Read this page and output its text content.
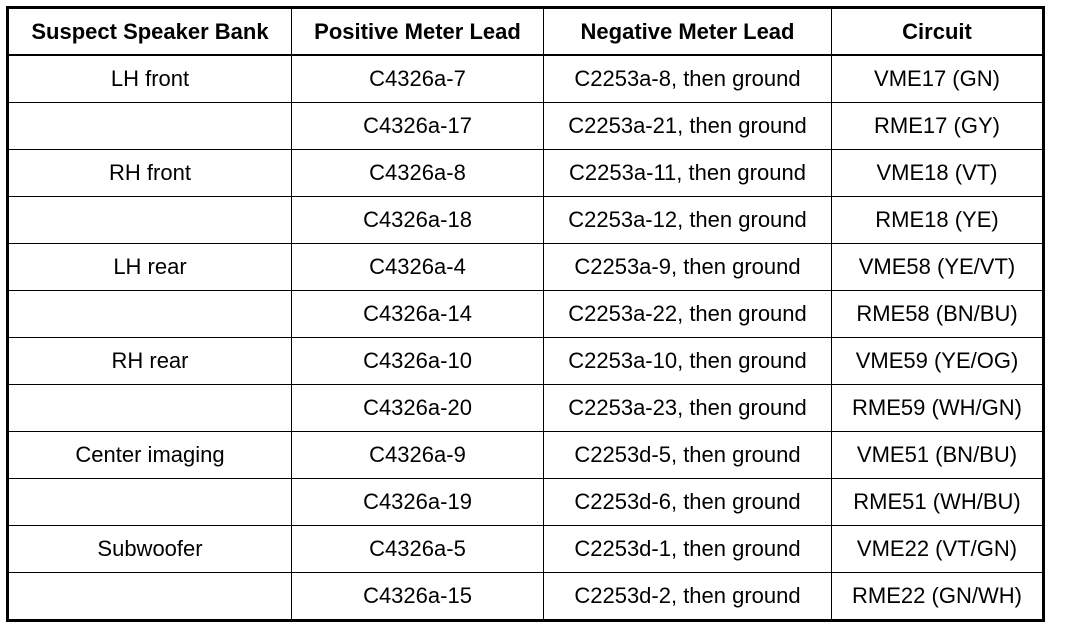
Suspect Speaker Bank	Positive Meter Lead	Negative Meter Lead	Circuit
LH front	C4326a-7	C2253a-8, then ground	VME17 (GN)
	C4326a-17	C2253a-21, then ground	RME17 (GY)
RH front	C4326a-8	C2253a-11, then ground	VME18 (VT)
	C4326a-18	C2253a-12, then ground	RME18 (YE)
LH rear	C4326a-4	C2253a-9, then ground	VME58 (YE/VT)
	C4326a-14	C2253a-22, then ground	RME58 (BN/BU)
RH rear	C4326a-10	C2253a-10, then ground	VME59 (YE/OG)
	C4326a-20	C2253a-23, then ground	RME59 (WH/GN)
Center imaging	C4326a-9	C2253d-5, then ground	VME51 (BN/BU)
	C4326a-19	C2253d-6, then ground	RME51 (WH/BU)
Subwoofer	C4326a-5	C2253d-1, then ground	VME22 (VT/GN)
	C4326a-15	C2253d-2, then ground	RME22 (GN/WH)
